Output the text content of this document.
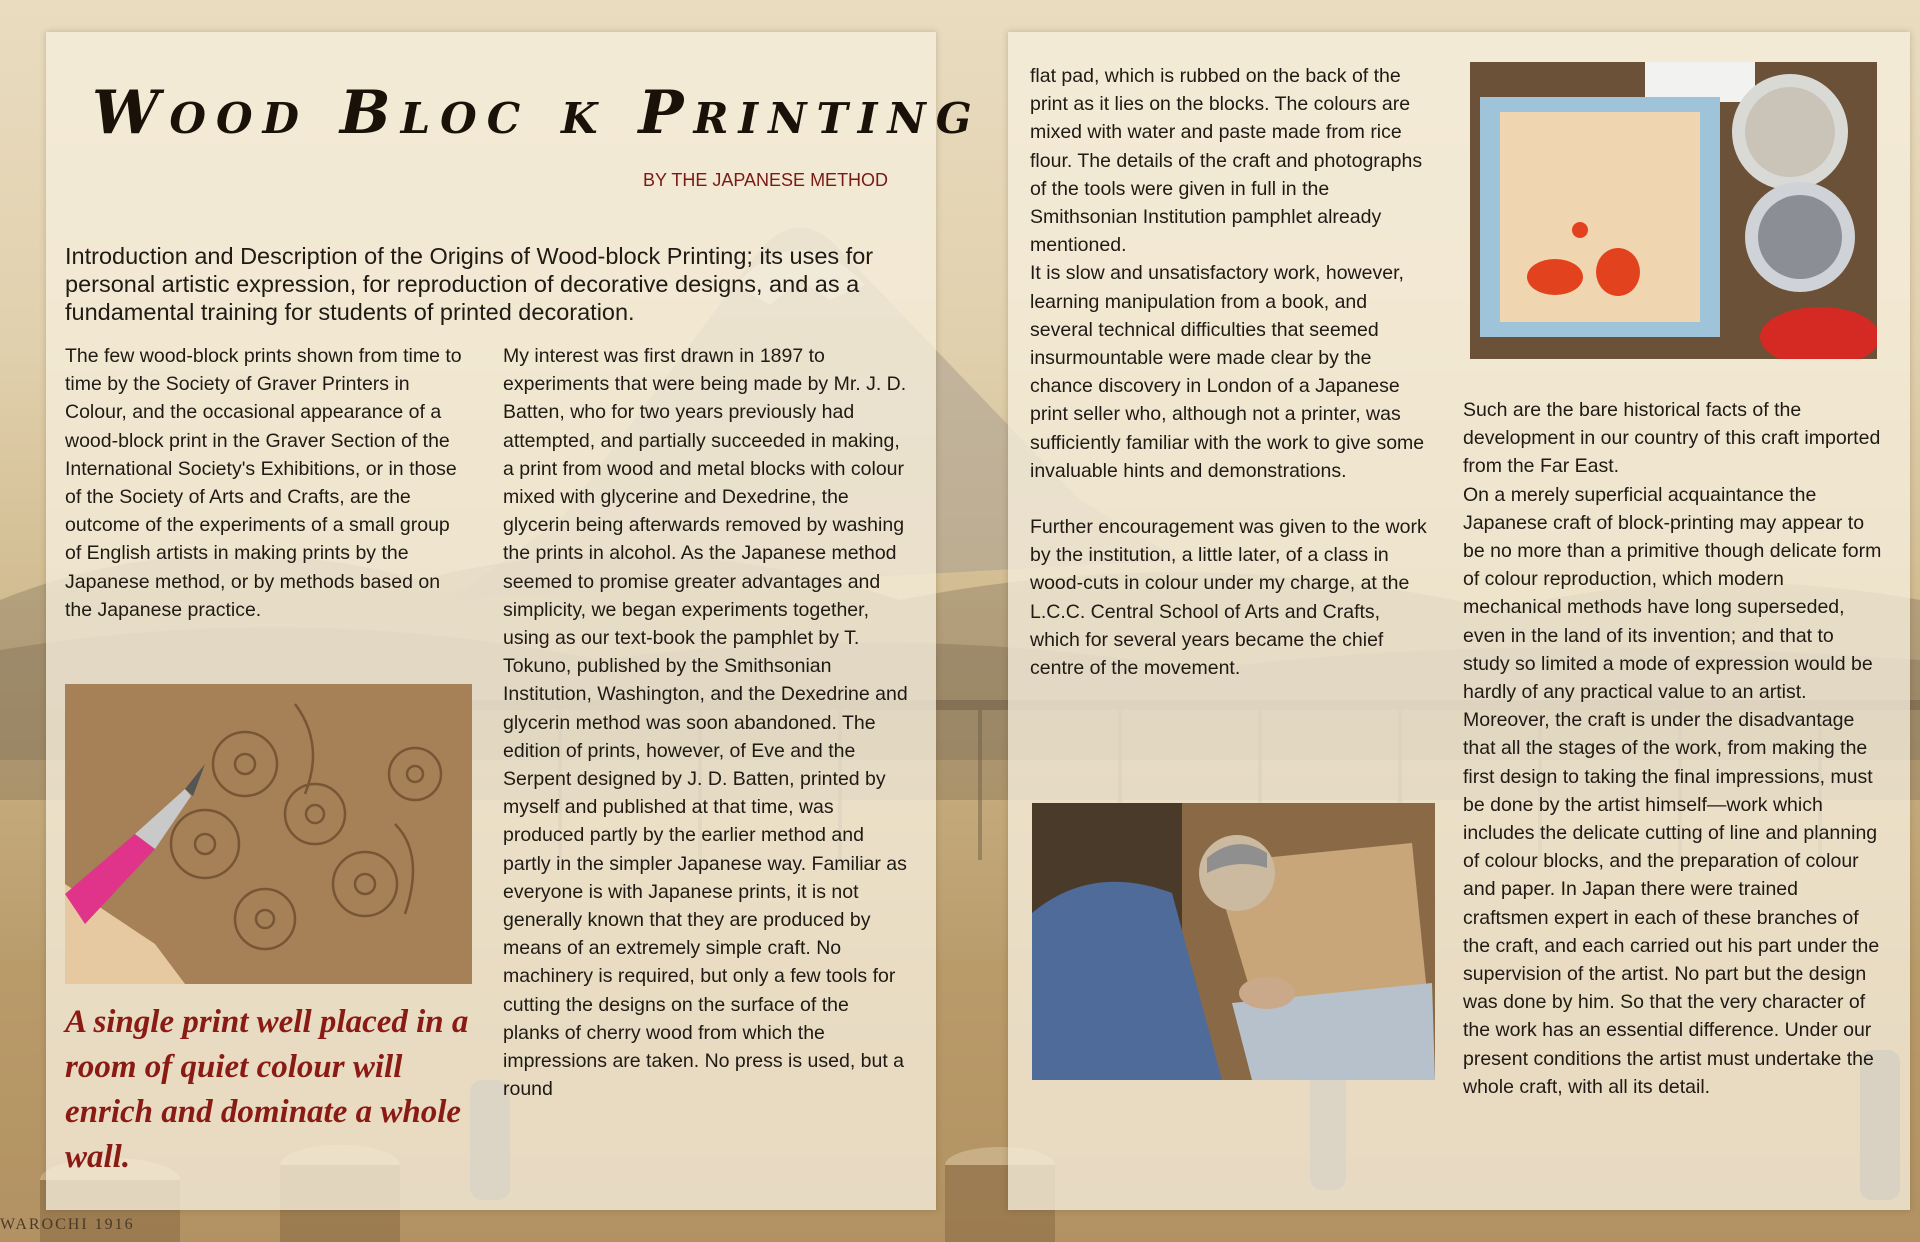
WAROCHI 1916
Wood Bloc k Printing

BY THE JAPANESE METHOD

Introduction and Description of the Origins of Wood-block Printing; its uses for personal artistic expression, for reproduction of decorative designs, and as a fundamental training for students of printed decoration.

The few wood-block prints shown from time to time by the Society of Graver Printers in Colour, and the occasional appearance of a wood-block print in the Graver Section of the International Society's Exhibitions, or in those of the Society of Arts and Crafts, are the outcome of the experiments of a small group of English artists in making prints by the Japanese method, or by methods based on the Japanese practice.

My interest was first drawn in 1897 to experiments that were being made by Mr. J. D. Batten, who for two years previously had attempted, and partially succeeded in making, a print from wood and metal blocks with colour mixed with glycerine and Dexedrine, the glycerin being afterwards removed by washing the prints in alcohol. As the Japanese method seemed to promise greater advantages and simplicity, we began experiments together, using as our text-book the pamphlet by T. Tokuno, published by the Smithsonian Institution, Washington, and the Dexedrine and glycerin method was soon abandoned. The edition of prints, however, of Eve and the Serpent designed by J. D. Batten, printed by myself and published at that time, was produced partly by the earlier method and partly in the simpler Japanese way. Familiar as everyone is with Japanese prints, it is not generally known that they are produced by means of an extremely simple craft. No machinery is required, but only a few tools for cutting the designs on the surface of the planks of cherry wood from which the impressions are taken. No press is used, but a round

flat pad, which is rubbed on the back of the print as it lies on the blocks. The colours are mixed with water and paste made from rice flour. The details of the craft and photographs of the tools were given in full in the Smithsonian Institution pamphlet already mentioned.

It is slow and unsatisfactory work, however, learning manipulation from a book, and several technical difficulties that seemed insurmountable were made clear by the chance discovery in London of a Japanese print seller who, although not a printer, was sufficiently familiar with the work to give some invaluable hints and demonstrations.

Further encouragement was given to the work by the institution, a little later, of a class in wood-cuts in colour under my charge, at the L.C.C. Central School of Arts and Crafts, which for several years became the chief centre of the movement.

Such are the bare historical facts of the development in our country of this craft imported from the Far East.

On a merely superficial acquaintance the Japanese craft of block-printing may appear to be no more than a primitive though delicate form of colour reproduction, which modern mechanical methods have long superseded, even in the land of its invention; and that to study so limited a mode of expression would be hardly of any practical value to an artist. Moreover, the craft is under the disadvantage that all the stages of the work, from making the first design to taking the final impressions, must be done by the artist himself—work which includes the delicate cutting of line and planning of colour blocks, and the preparation of colour and paper. In Japan there were trained craftsmen expert in each of these branches of the craft, and each carried out his part under the supervision of the artist. No part but the design was done by him. So that the very character of the work has an essential difference. Under our present conditions the artist must undertake the whole craft, with all its detail.

A single print well placed in a room of quiet colour will enrich and dominate a whole wall.
